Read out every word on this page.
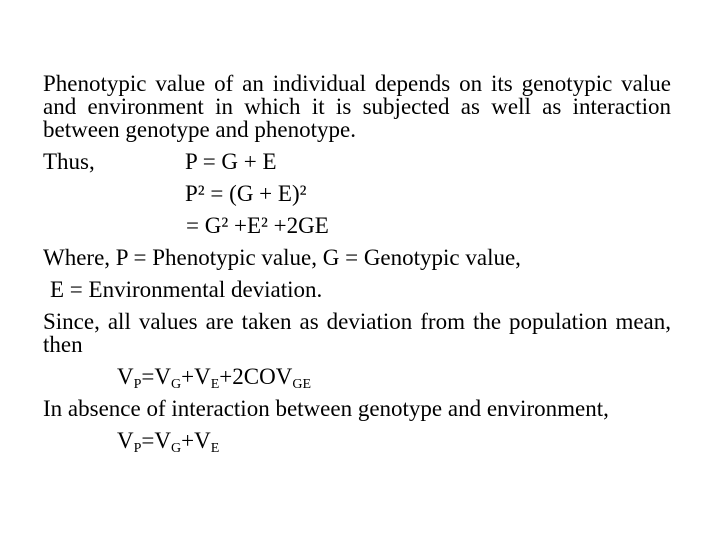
Phenotypic value of an individual depends on its genotypic value and environment in which it is subjected as well as interaction between genotype and phenotype.

Thus,	P = G + E
P² = (G + E)²
= G² +E² +2GE
Where, P = Phenotypic value, G = Genotypic value,
E = Environmental deviation.

Since, all values are taken as deviation from the population mean, then

$V_P=V_G+V_E+2COV_{GE}$
In absence of interaction between genotype and environment,
$V_P=V_G+V_E$
